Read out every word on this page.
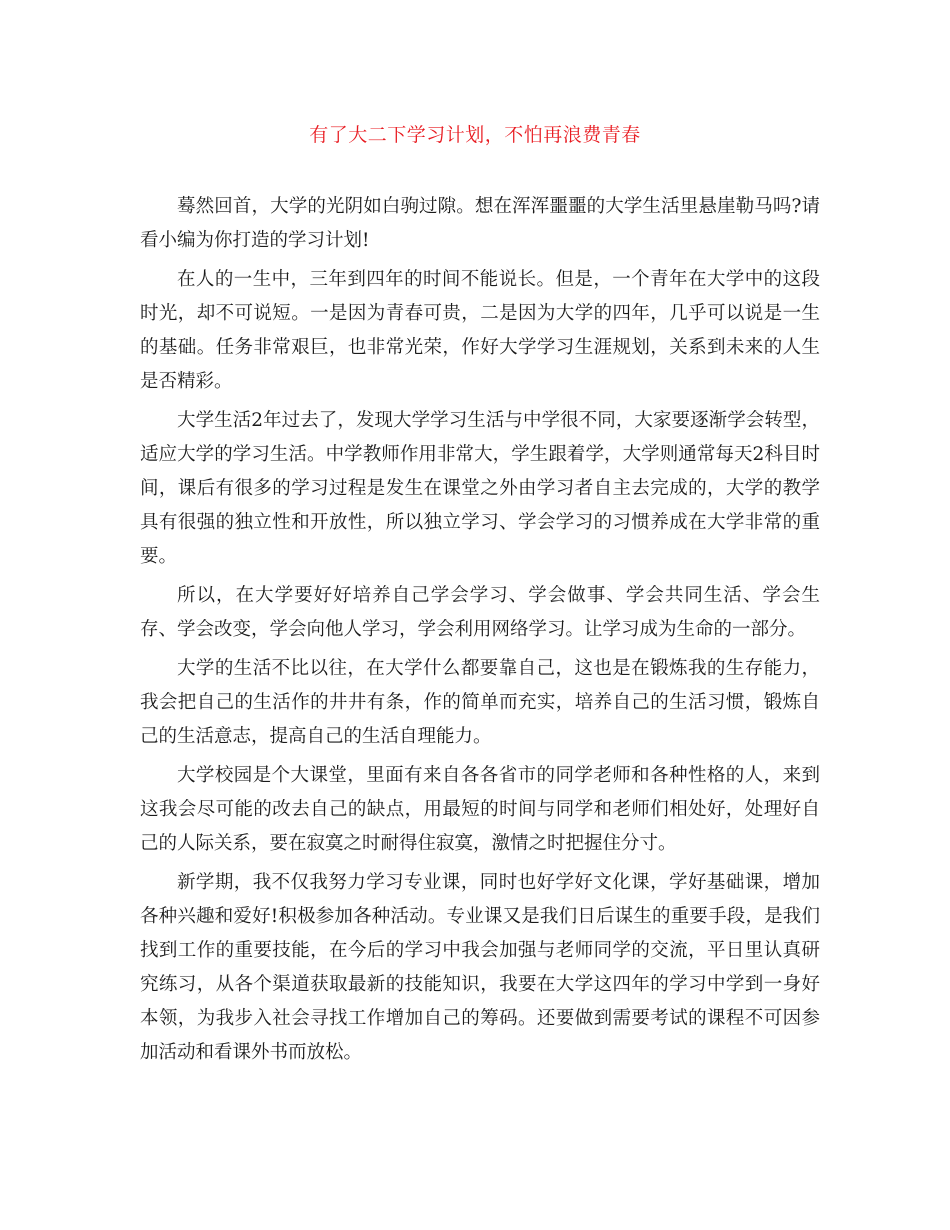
有了大二下学习计划，不怕再浪费青春

蓦然回首，大学的光阴如白驹过隙。想在浑浑噩噩的大学生活里悬崖勒马吗?请看小编为你打造的学习计划!

在人的一生中，三年到四年的时间不能说长。但是，一个青年在大学中的这段时光，却不可说短。一是因为青春可贵，二是因为大学的四年，几乎可以说是一生的基础。任务非常艰巨，也非常光荣，作好大学学习生涯规划，关系到未来的人生是否精彩。

大学生活2年过去了，发现大学学习生活与中学很不同，大家要逐渐学会转型，适应大学的学习生活。中学教师作用非常大，学生跟着学，大学则通常每天2科目时间，课后有很多的学习过程是发生在课堂之外由学习者自主去完成的，大学的教学具有很强的独立性和开放性，所以独立学习、学会学习的习惯养成在大学非常的重要。

所以，在大学要好好培养自己学会学习、学会做事、学会共同生活、学会生存、学会改变，学会向他人学习，学会利用网络学习。让学习成为生命的一部分。

大学的生活不比以往，在大学什么都要靠自己，这也是在锻炼我的生存能力，我会把自己的生活作的井井有条，作的简单而充实，培养自己的生活习惯，锻炼自己的生活意志，提高自己的生活自理能力。

大学校园是个大课堂，里面有来自各各省市的同学老师和各种性格的人，来到这我会尽可能的改去自己的缺点，用最短的时间与同学和老师们相处好，处理好自己的人际关系，要在寂寞之时耐得住寂寞，激情之时把握住分寸。

新学期，我不仅我努力学习专业课，同时也好学好文化课，学好基础课，增加各种兴趣和爱好!积极参加各种活动。专业课又是我们日后谋生的重要手段，是我们找到工作的重要技能，在今后的学习中我会加强与老师同学的交流，平日里认真研究练习，从各个渠道获取最新的技能知识，我要在大学这四年的学习中学到一身好本领，为我步入社会寻找工作增加自己的筹码。还要做到需要考试的课程不可因参加活动和看课外书而放松。
